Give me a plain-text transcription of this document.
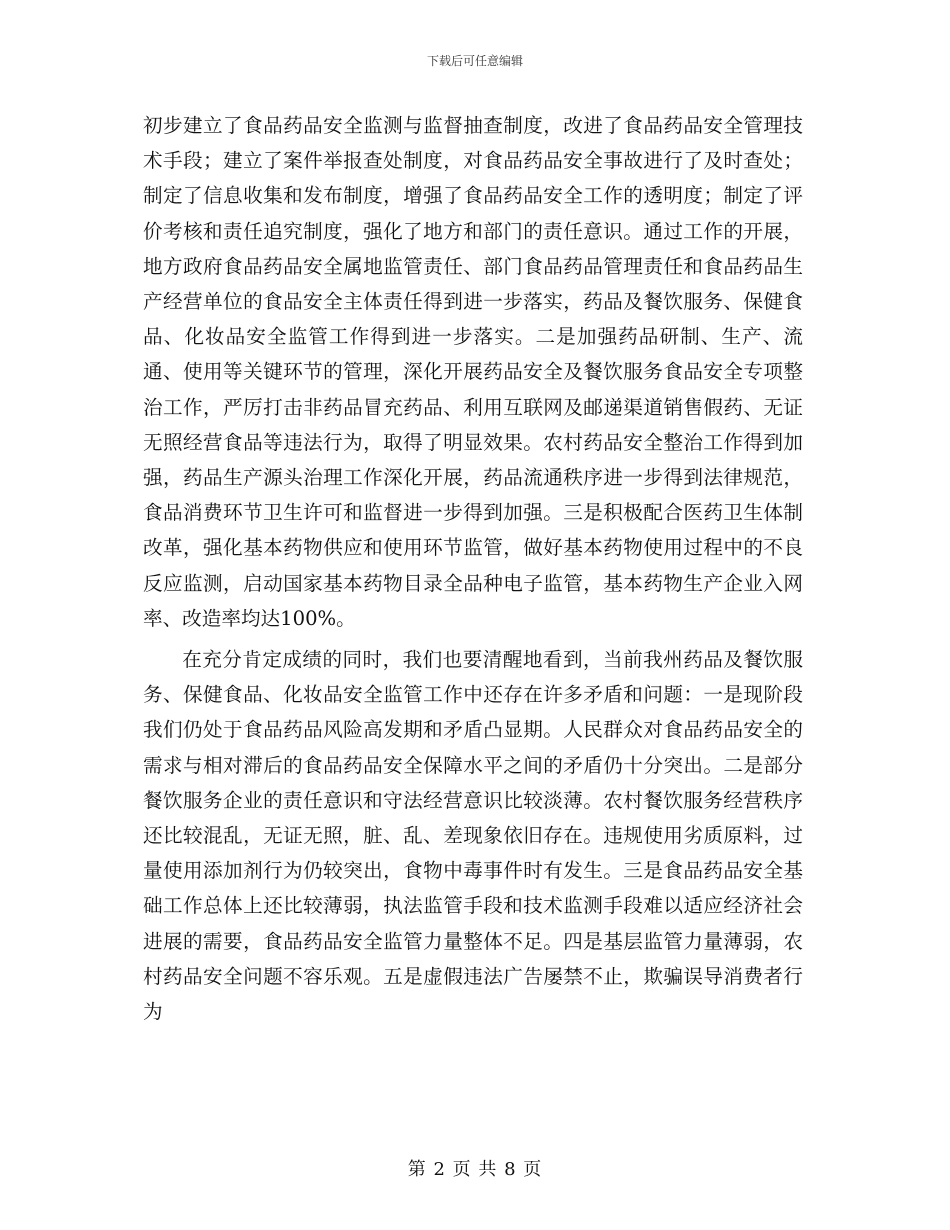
下载后可任意编辑

初步建立了食品药品安全监测与监督抽查制度，改进了食品药品安全管理技术手段；建立了案件举报查处制度，对食品药品安全事故进行了及时查处；制定了信息收集和发布制度，增强了食品药品安全工作的透明度；制定了评价考核和责任追究制度，强化了地方和部门的责任意识。通过工作的开展，地方政府食品药品安全属地监管责任、部门食品药品管理责任和食品药品生产经营单位的食品安全主体责任得到进一步落实，药品及餐饮服务、保健食品、化妆品安全监管工作得到进一步落实。二是加强药品研制、生产、流通、使用等关键环节的管理，深化开展药品安全及餐饮服务食品安全专项整治工作，严厉打击非药品冒充药品、利用互联网及邮递渠道销售假药、无证无照经营食品等违法行为，取得了明显效果。农村药品安全整治工作得到加强，药品生产源头治理工作深化开展，药品流通秩序进一步得到法律规范，食品消费环节卫生许可和监督进一步得到加强。三是积极配合医药卫生体制改革，强化基本药物供应和使用环节监管，做好基本药物使用过程中的不良反应监测，启动国家基本药物目录全品种电子监管，基本药物生产企业入网率、改造率均达100%。

在充分肯定成绩的同时，我们也要清醒地看到，当前我州药品及餐饮服务、保健食品、化妆品安全监管工作中还存在许多矛盾和问题：一是现阶段我们仍处于食品药品风险高发期和矛盾凸显期。人民群众对食品药品安全的需求与相对滞后的食品药品安全保障水平之间的矛盾仍十分突出。二是部分餐饮服务企业的责任意识和守法经营意识比较淡薄。农村餐饮服务经营秩序还比较混乱，无证无照，脏、乱、差现象依旧存在。违规使用劣质原料，过量使用添加剂行为仍较突出，食物中毒事件时有发生。三是食品药品安全基础工作总体上还比较薄弱，执法监管手段和技术监测手段难以适应经济社会进展的需要，食品药品安全监管力量整体不足。四是基层监管力量薄弱，农村药品安全问题不容乐观。五是虚假违法广告屡禁不止，欺骗误导消费者行为

第 2 页 共 8 页
